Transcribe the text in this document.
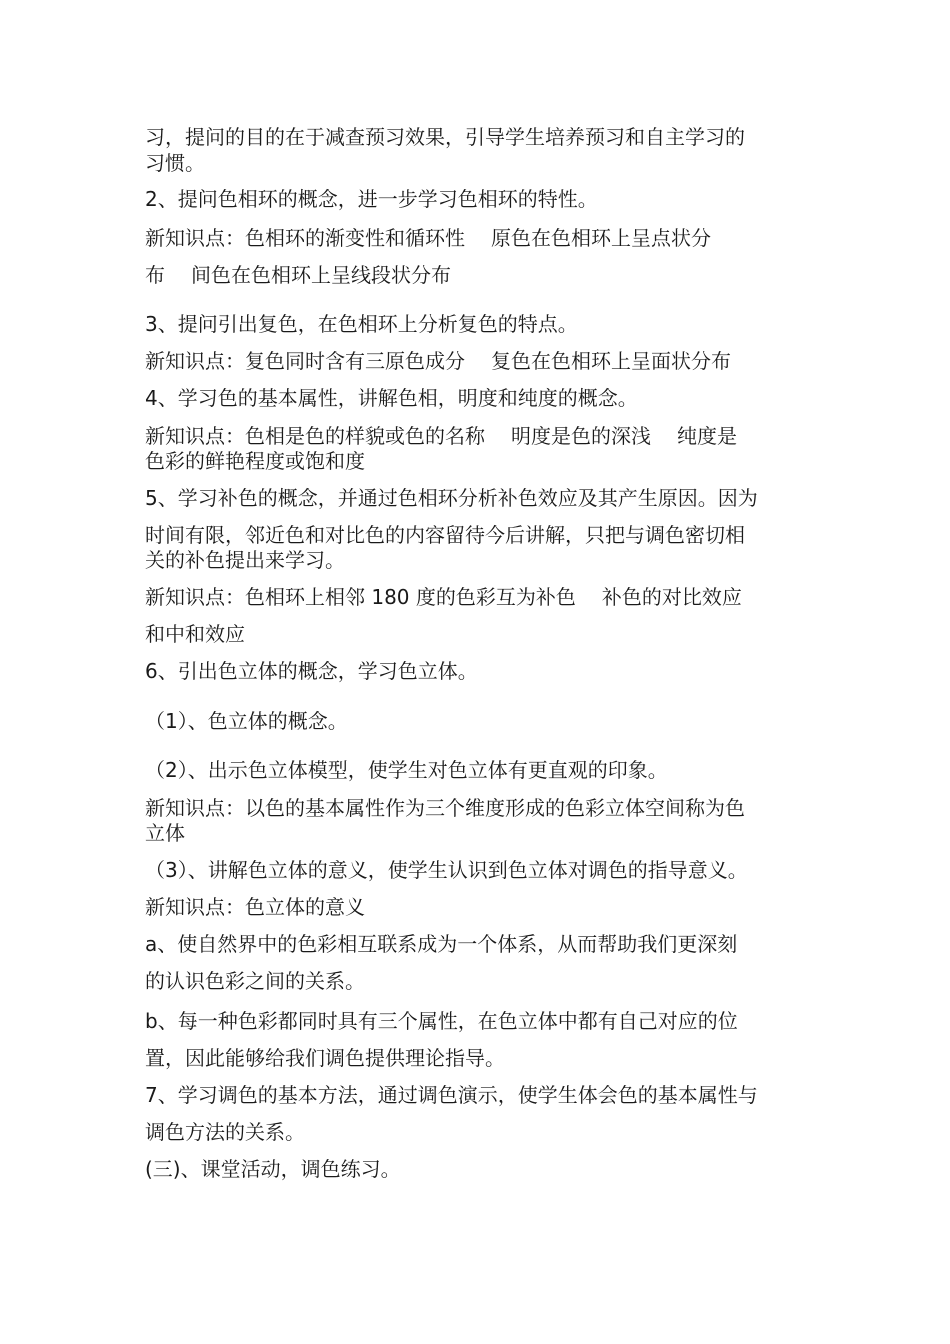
习，提问的目的在于减查预习效果，引导学生培养预习和自主学习的
习惯。
2、提问色相环的概念，进一步学习色相环的特性。
新知识点：色相环的渐变性和循环性 原色在色相环上呈点状分
布 间色在色相环上呈线段状分布
3、提问引出复色，在色相环上分析复色的特点。
新知识点：复色同时含有三原色成分 复色在色相环上呈面状分布
4、学习色的基本属性，讲解色相，明度和纯度的概念。
新知识点：色相是色的样貌或色的名称 明度是色的深浅 纯度是
色彩的鲜艳程度或饱和度
5、学习补色的概念，并通过色相环分析补色效应及其产生原因。因为
时间有限，邻近色和对比色的内容留待今后讲解，只把与调色密切相
关的补色提出来学习。
新知识点：色相环上相邻 180 度的色彩互为补色 补色的对比效应
和中和效应
6、引出色立体的概念，学习色立体。
（1）、色立体的概念。
（2）、出示色立体模型，使学生对色立体有更直观的印象。
新知识点：以色的基本属性作为三个维度形成的色彩立体空间称为色
立体
（3）、讲解色立体的意义，使学生认识到色立体对调色的指导意义。
新知识点：色立体的意义
a、使自然界中的色彩相互联系成为一个体系，从而帮助我们更深刻
的认识色彩之间的关系。
b、每一种色彩都同时具有三个属性，在色立体中都有自己对应的位
置，因此能够给我们调色提供理论指导。
7、学习调色的基本方法，通过调色演示，使学生体会色的基本属性与
调色方法的关系。
(三)、课堂活动，调色练习。
